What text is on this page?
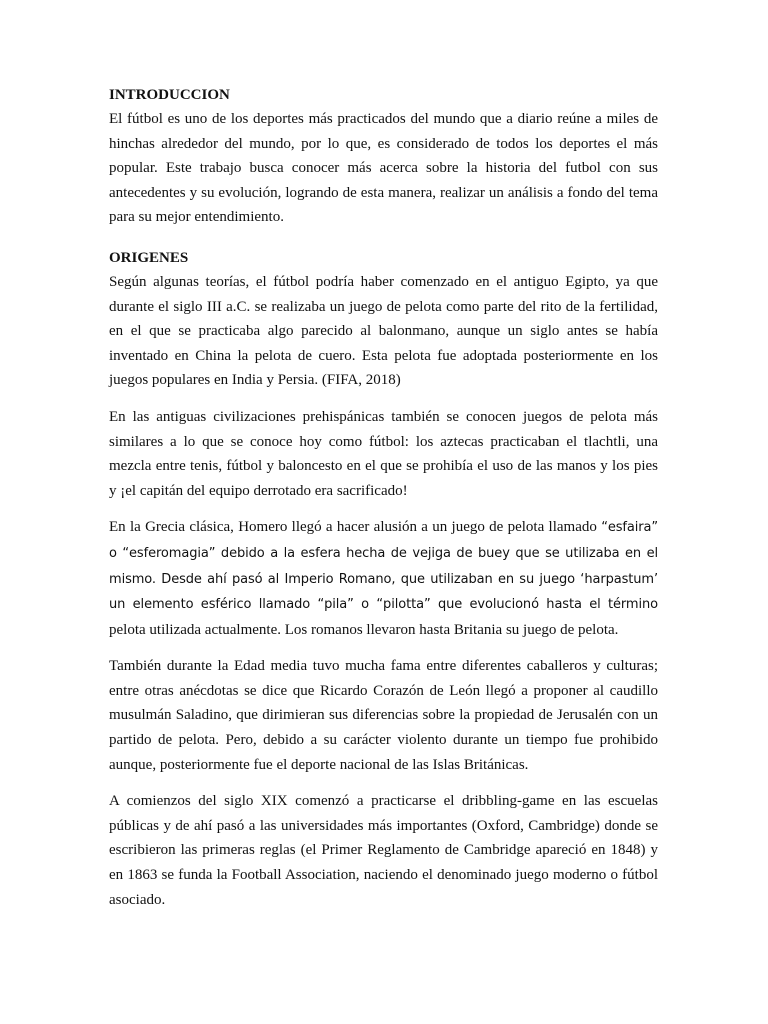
INTRODUCCION

El fútbol es uno de los deportes más practicados del mundo que a diario reúne a miles de hinchas alrededor del mundo, por lo que, es considerado de todos los deportes el más popular. Este trabajo busca conocer más acerca sobre la historia del futbol con sus antecedentes y su evolución, logrando de esta manera, realizar un análisis a fondo del tema para su mejor entendimiento.

ORIGENES

Según algunas teorías, el fútbol podría haber comenzado en el antiguo Egipto, ya que durante el siglo III a.C. se realizaba un juego de pelota como parte del rito de la fertilidad, en el que se practicaba algo parecido al balonmano, aunque un siglo antes se había inventado en China la pelota de cuero. Esta pelota fue adoptada posteriormente en los juegos populares en India y Persia. (FIFA, 2018)

En las antiguas civilizaciones prehispánicas también se conocen juegos de pelota más similares a lo que se conoce hoy como fútbol: los aztecas practicaban el tlachtli, una mezcla entre tenis, fútbol y baloncesto en el que se prohibía el uso de las manos y los pies y ¡el capitán del equipo derrotado era sacrificado!

En la Grecia clásica, Homero llegó a hacer alusión a un juego de pelota llamado “esfaira” o “esferomagia” debido a la esfera hecha de vejiga de buey que se utilizaba en el mismo. Desde ahí pasó al Imperio Romano, que utilizaban en su juego ‘harpastum’ un elemento esférico llamado “pila” o “pilotta” que evolucionó hasta el término pelota utilizada actualmente. Los romanos llevaron hasta Britania su juego de pelota.

También durante la Edad media tuvo mucha fama entre diferentes caballeros y culturas; entre otras anécdotas se dice que Ricardo Corazón de León llegó a proponer al caudillo musulmán Saladino, que dirimieran sus diferencias sobre la propiedad de Jerusalén con un partido de pelota. Pero, debido a su carácter violento durante un tiempo fue prohibido aunque, posteriormente fue el deporte nacional de las Islas Británicas.

A comienzos del siglo XIX comenzó a practicarse el dribbling-game en las escuelas públicas y de ahí pasó a las universidades más importantes (Oxford, Cambridge) donde se escribieron las primeras reglas (el Primer Reglamento de Cambridge apareció en 1848) y en 1863 se funda la Football Association, naciendo el denominado juego moderno o fútbol asociado.
